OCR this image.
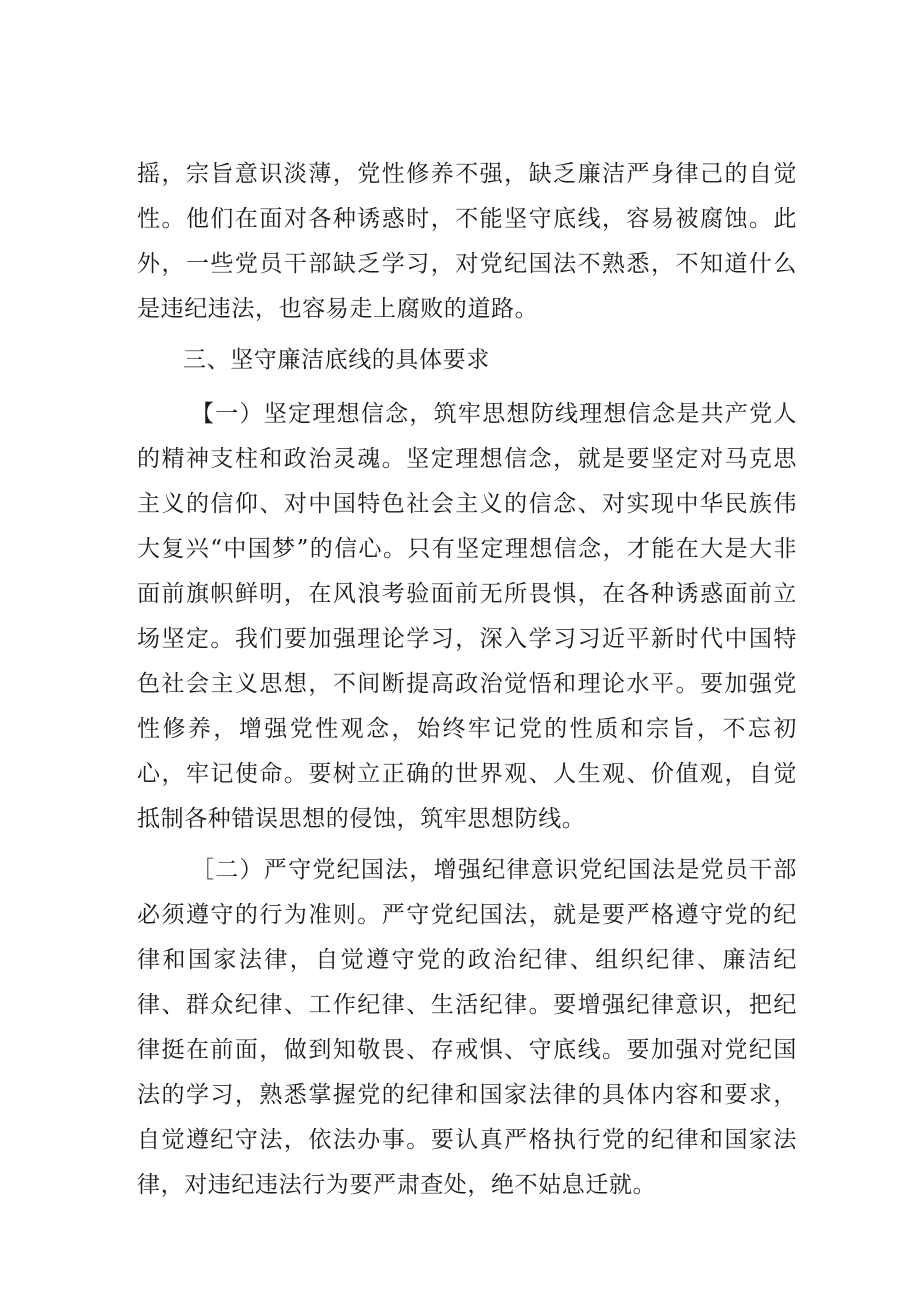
摇，宗旨意识淡薄，党性修养不强，缺乏廉洁严身律己的自觉性。他们在面对各种诱惑时，不能坚守底线，容易被腐蚀。此外，一些党员干部缺乏学习，对党纪国法不熟悉，不知道什么是违纪违法，也容易走上腐败的道路。

三、坚守廉洁底线的具体要求

【一）坚定理想信念，筑牢思想防线理想信念是共产党人的精神支柱和政治灵魂。坚定理想信念，就是要坚定对马克思主义的信仰、对中国特色社会主义的信念、对实现中华民族伟大复兴“中国梦”的信心。只有坚定理想信念，才能在大是大非面前旗帜鲜明，在风浪考验面前无所畏惧，在各种诱惑面前立场坚定。我们要加强理论学习，深入学习习近平新时代中国特色社会主义思想，不间断提高政治觉悟和理论水平。要加强党性修养，增强党性观念，始终牢记党的性质和宗旨，不忘初心，牢记使命。要树立正确的世界观、人生观、价值观，自觉抵制各种错误思想的侵蚀，筑牢思想防线。

［二）严守党纪国法，增强纪律意识党纪国法是党员干部必须遵守的行为准则。严守党纪国法，就是要严格遵守党的纪律和国家法律，自觉遵守党的政治纪律、组织纪律、廉洁纪律、群众纪律、工作纪律、生活纪律。要增强纪律意识，把纪律挺在前面，做到知敬畏、存戒惧、守底线。要加强对党纪国法的学习，熟悉掌握党的纪律和国家法律的具体内容和要求，自觉遵纪守法，依法办事。要认真严格执行党的纪律和国家法律，对违纪违法行为要严肃查处，绝不姑息迁就。
